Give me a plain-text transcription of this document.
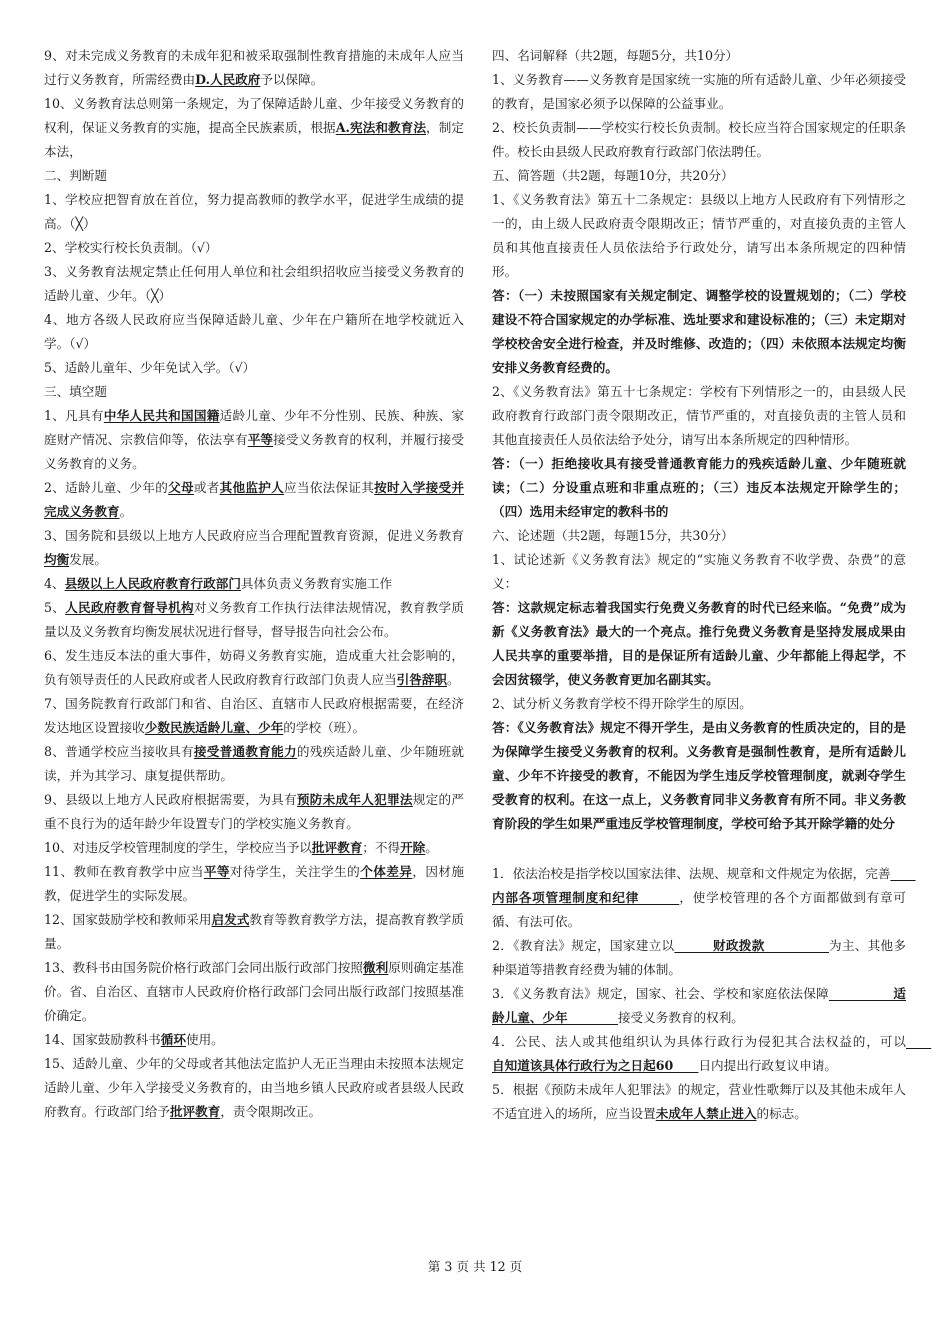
9、对未完成义务教育的未成年犯和被采取强制性教育措施的未成年人应当过行义务教育，所需经费由D.人民政府予以保障。

10、义务教育法总则第一条规定，为了保障适龄儿童、少年接受义务教育的权利，保证义务教育的实施，提高全民族素质，根据A.宪法和教育法，制定本法，

二、判断题

1、学校应把智育放在首位，努力提高教师的教学水平，促进学生成绩的提高。（╳）

2、学校实行校长负责制。（√）

3、义务教育法规定禁止任何用人单位和社会组织招收应当接受义务教育的适龄儿童、少年。（╳）

4、地方各级人民政府应当保障适龄儿童、少年在户籍所在地学校就近入学。（√）

5、适龄儿童年、少年免试入学。（√）

三、填空题

1、凡具有中华人民共和国国籍适龄儿童、少年不分性别、民族、种族、家庭财产情况、宗教信仰等，依法享有平等接受义务教育的权利，并履行接受义务教育的义务。

2、适龄儿童、少年的父母或者其他监护人应当依法保证其按时入学接受并完成义务教育。

3、国务院和县级以上地方人民政府应当合理配置教育资源，促进义务教育均衡发展。

4、县级以上人民政府教育行政部门具体负责义务教育实施工作

5、人民政府教育督导机构对义务教育工作执行法律法规情况，教育教学质量以及义务教育均衡发展状况进行督导，督导报告向社会公布。

6、发生违反本法的重大事件，妨碍义务教育实施，造成重大社会影响的，负有领导责任的人民政府或者人民政府教育行政部门负责人应当引咎辞职。

7、国务院教育行政部门和省、自治区、直辖市人民政府根据需要，在经济发达地区设置接收少数民族适龄儿童、少年的学校（班）。

8、普通学校应当接收具有接受普通教育能力的残疾适龄儿童、少年随班就读，并为其学习、康复提供帮助。

9、县级以上地方人民政府根据需要，为具有预防未成年人犯罪法规定的严重不良行为的适年龄少年设置专门的学校实施义务教育。

10、对违反学校管理制度的学生，学校应当予以批评教育；不得开除。

11、教师在教育教学中应当平等对待学生，关注学生的个体差异，因材施教，促进学生的实际发展。

12、国家鼓励学校和教师采用启发式教育等教育教学方法，提高教育教学质量。

13、教科书由国务院价格行政部门会同出版行政部门按照微利原则确定基准价。省、自治区、直辖市人民政府价格行政部门会同出版行政部门按照基准价确定。

14、国家鼓励教科书循环使用。

15、适龄儿童、少年的父母或者其他法定监护人无正当理由未按照本法规定适龄儿童、少年入学接受义务教育的，由当地乡镇人民政府或者县级人民政府教育。行政部门给予批评教育，责令限期改正。

四、名词解释（共2题，每题5分，共10分）

1、义务教育——义务教育是国家统一实施的所有适龄儿童、少年必须接受的教育，是国家必须予以保障的公益事业。

2、校长负责制——学校实行校长负责制。校长应当符合国家规定的任职条件。校长由县级人民政府教育行政部门依法聘任。

五、简答题（共2题，每题10分，共20分）

1、《义务教育法》第五十二条规定：县级以上地方人民政府有下列情形之一的，由上级人民政府责令限期改正；情节严重的，对直接负责的主管人员和其他直接责任人员依法给予行政处分，请写出本条所规定的四种情形。

答：（一）未按照国家有关规定制定、调整学校的设置规划的；（二）学校建设不符合国家规定的办学标准、选址要求和建设标准的；（三）未定期对学校校舍安全进行检查，并及时维修、改造的；（四）未依照本法规定均衡安排义务教育经费的。

2、《义务教育法》第五十七条规定：学校有下列情形之一的，由县级人民政府教育行政部门责令限期改正，情节严重的，对直接负责的主管人员和其他直接责任人员依法给予处分，请写出本条所规定的四种情形。

答：（一）拒绝接收具有接受普通教育能力的残疾适龄儿童、少年随班就读；（二）分设重点班和非重点班的；（三）违反本法规定开除学生的；（四）选用未经审定的教科书的

六、论述题（共2题，每题15分，共30分）

1、试论述新《义务教育法》规定的“实施义务教育不收学费、杂费”的意义：

答：这款规定标志着我国实行免费义务教育的时代已经来临。“免费”成为新《义务教育法》最大的一个亮点。推行免费义务教育是坚持发展成果由人民共享的重要举措，目的是保证所有适龄儿童、少年都能上得起学，不会因贫辍学，使义务教育更加名副其实。

2、试分析义务教育学校不得开除学生的原因。

答：《义务教育法》规定不得开学生，是由义务教育的性质决定的，目的是为保障学生接受义务教育的权利。义务教育是强制性教育，是所有适龄儿童、少年不许接受的教育，不能因为学生违反学校管理制度，就剥夺学生受教育的权利。在这一点上，义务教育同非义务教育有所不同。非义务教育阶段的学生如果严重违反学校管理制度，学校可给予其开除学籍的处分

1．依法治校是指学校以国家法律、法规、规章和文件规定为依据，完善　　内部各项管理制度和纪律　　　，使学校管理的各个方面都做到有章可循、有法可依。

2．《教育法》规定，国家建立以　　　财政拨款　　　　　为主、其他多种渠道等措教育经费为辅的体制。

3．《义务教育法》规定，国家、社会、学校和家庭依法保障　　　　　适龄儿童、少年　　　　接受义务教育的权利。

4．公民、法人或其他组织认为具体行政行为侵犯其合法权益的，可以　　自知道该具体行政行为之日起60　　日内提出行政复议申请。

5．根据《预防未成年人犯罪法》的规定，营业性歌舞厅以及其他未成年人不适宜进入的场所，应当设置未成年人禁止进入的标志。

第 3 页 共 12 页
